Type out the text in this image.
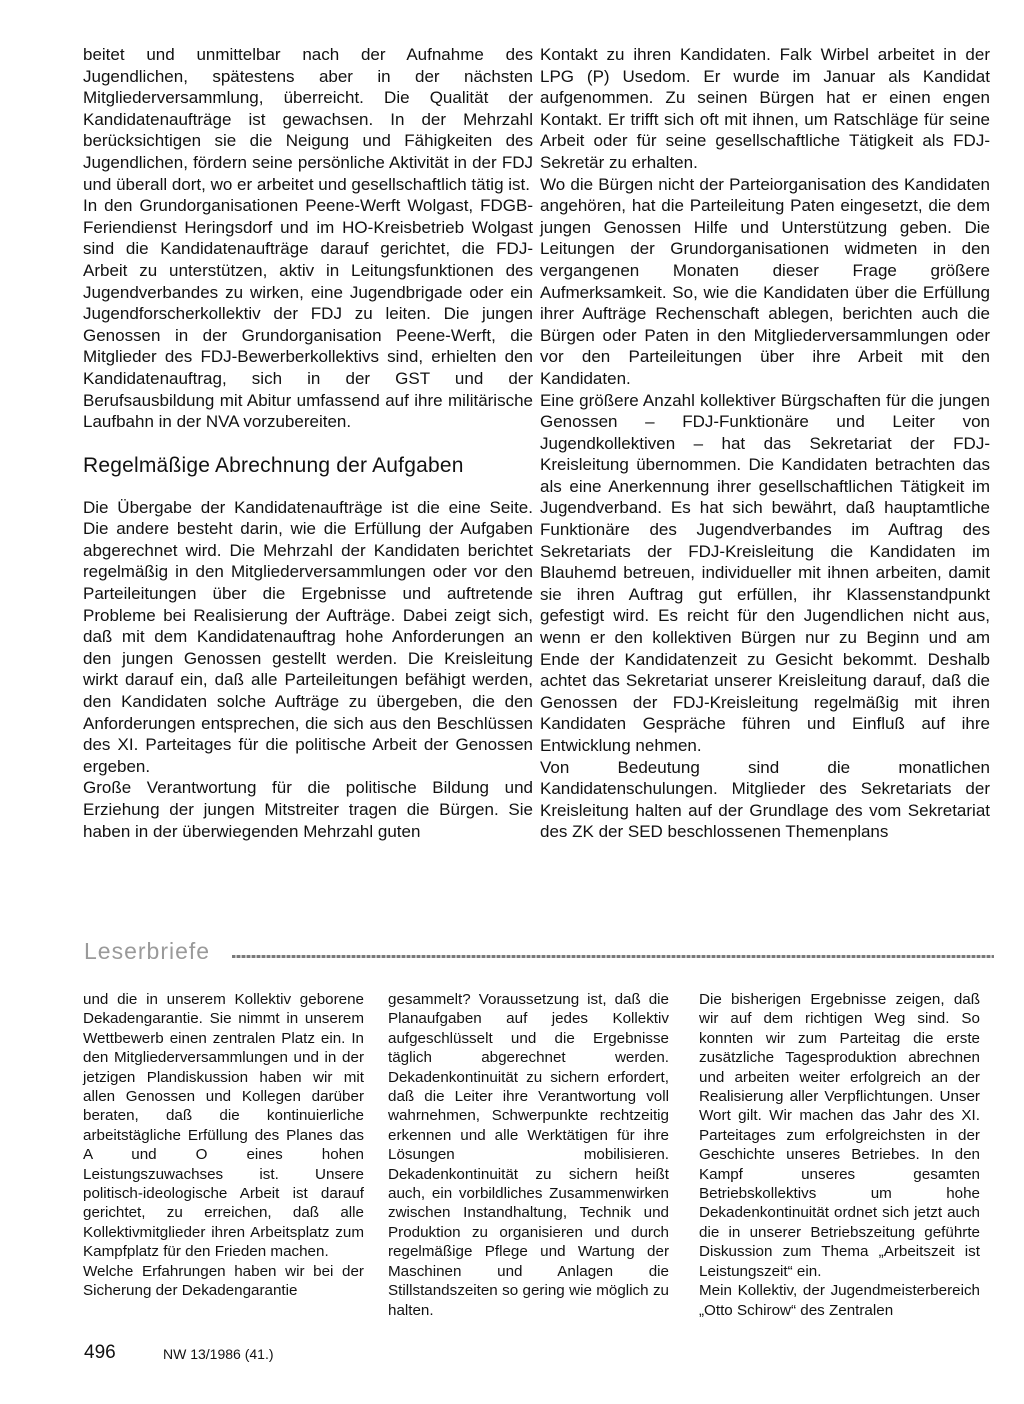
beitet und unmittelbar nach der Aufnahme des Jugendlichen, spätestens aber in der nächsten Mitgliederversammlung, überreicht. Die Qualität der Kandidatenaufträge ist gewachsen. In der Mehrzahl berücksichtigen sie die Neigung und Fähigkeiten des Jugendlichen, fördern seine persönliche Aktivität in der FDJ und überall dort, wo er arbeitet und gesellschaftlich tätig ist.

In den Grundorganisationen Peene-Werft Wolgast, FDGB-Feriendienst Heringsdorf und im HO-Kreisbetrieb Wolgast sind die Kandidatenaufträge darauf gerichtet, die FDJ-Arbeit zu unterstützen, aktiv in Leitungsfunktionen des Jugendverbandes zu wirken, eine Jugendbrigade oder ein Jugendforscherkollektiv der FDJ zu leiten. Die jungen Genossen in der Grundorganisation Peene-Werft, die Mitglieder des FDJ-Bewerberkollektivs sind, erhielten den Kandidatenauftrag, sich in der GST und der Berufsausbildung mit Abitur umfassend auf ihre militärische Laufbahn in der NVA vorzubereiten.

Regelmäßige Abrechnung der Aufgaben

Die Übergabe der Kandidatenaufträge ist die eine Seite. Die andere besteht darin, wie die Erfüllung der Aufgaben abgerechnet wird. Die Mehrzahl der Kandidaten berichtet regelmäßig in den Mitgliederversammlungen oder vor den Parteileitungen über die Ergebnisse und auftretende Probleme bei Realisierung der Aufträge. Dabei zeigt sich, daß mit dem Kandidatenauftrag hohe Anforderungen an den jungen Genossen gestellt werden. Die Kreisleitung wirkt darauf ein, daß alle Parteileitungen befähigt werden, den Kandidaten solche Aufträge zu übergeben, die den Anforderungen entsprechen, die sich aus den Beschlüssen des XI. Parteitages für die politische Arbeit der Genossen ergeben.

Große Verantwortung für die politische Bildung und Erziehung der jungen Mitstreiter tragen die Bürgen. Sie haben in der überwiegenden Mehrzahl guten

Kontakt zu ihren Kandidaten. Falk Wirbel arbeitet in der LPG (P) Usedom. Er wurde im Januar als Kandidat aufgenommen. Zu seinen Bürgen hat er einen engen Kontakt. Er trifft sich oft mit ihnen, um Ratschläge für seine Arbeit oder für seine gesellschaftliche Tätigkeit als FDJ-Sekretär zu erhalten.

Wo die Bürgen nicht der Parteiorganisation des Kandidaten angehören, hat die Parteileitung Paten eingesetzt, die dem jungen Genossen Hilfe und Unterstützung geben. Die Leitungen der Grundorganisationen widmeten in den vergangenen Monaten dieser Frage größere Aufmerksamkeit. So, wie die Kandidaten über die Erfüllung ihrer Aufträge Rechenschaft ablegen, berichten auch die Bürgen oder Paten in den Mitgliederversammlungen oder vor den Parteileitungen über ihre Arbeit mit den Kandidaten.

Eine größere Anzahl kollektiver Bürgschaften für die jungen Genossen – FDJ-Funktionäre und Leiter von Jugendkollektiven – hat das Sekretariat der FDJ-Kreisleitung übernommen. Die Kandidaten betrachten das als eine Anerkennung ihrer gesellschaftlichen Tätigkeit im Jugendverband. Es hat sich bewährt, daß hauptamtliche Funktionäre des Jugendverbandes im Auftrag des Sekretariats der FDJ-Kreisleitung die Kandidaten im Blauhemd betreuen, individueller mit ihnen arbeiten, damit sie ihren Auftrag gut erfüllen, ihr Klassenstandpunkt gefestigt wird. Es reicht für den Jugendlichen nicht aus, wenn er den kollektiven Bürgen nur zu Beginn und am Ende der Kandidatenzeit zu Gesicht bekommt. Deshalb achtet das Sekretariat unserer Kreisleitung darauf, daß die Genossen der FDJ-Kreisleitung regelmäßig mit ihren Kandidaten Gespräche führen und Einfluß auf ihre Entwicklung nehmen.

Von Bedeutung sind die monatlichen Kandidatenschulungen. Mitglieder des Sekretariats der Kreisleitung halten auf der Grundlage des vom Sekretariat des ZK der SED beschlossenen Themenplans

Leserbriefe

und die in unserem Kollektiv geborene Dekadengarantie. Sie nimmt in unserem Wettbewerb einen zentralen Platz ein. In den Mitgliederversammlungen und in der jetzigen Plandiskussion haben wir mit allen Genossen und Kollegen darüber beraten, daß die kontinuierliche arbeitstägliche Erfüllung des Planes das A und O eines hohen Leistungszuwachses ist. Unsere politisch-ideologische Arbeit ist darauf gerichtet, zu erreichen, daß alle Kollektivmitglieder ihren Arbeitsplatz zum Kampfplatz für den Frieden machen.

Welche Erfahrungen haben wir bei der Sicherung der Dekadengarantie

gesammelt? Voraussetzung ist, daß die Planaufgaben auf jedes Kollektiv aufgeschlüsselt und die Ergebnisse täglich abgerechnet werden. Dekadenkontinuität zu sichern erfordert, daß die Leiter ihre Verantwortung voll wahrnehmen, Schwerpunkte rechtzeitig erkennen und alle Werktätigen für ihre Lösungen mobilisieren. Dekadenkontinuität zu sichern heißt auch, ein vorbildliches Zusammenwirken zwischen Instandhaltung, Technik und Produktion zu organisieren und durch regelmäßige Pflege und Wartung der Maschinen und Anlagen die Stillstandszeiten so gering wie möglich zu halten.

Die bisherigen Ergebnisse zeigen, daß wir auf dem richtigen Weg sind. So konnten wir zum Parteitag die erste zusätzliche Tagesproduktion abrechnen und arbeiten weiter erfolgreich an der Realisierung aller Verpflichtungen. Unser Wort gilt. Wir machen das Jahr des XI. Parteitages zum erfolgreichsten in der Geschichte unseres Betriebes. In den Kampf unseres gesamten Betriebskollektivs um hohe Dekadenkontinuität ordnet sich jetzt auch die in unserer Betriebszeitung geführte Diskussion zum Thema „Arbeitszeit ist Leistungszeit“ ein.

Mein Kollektiv, der Jugendmeisterbereich „Otto Schirow“ des Zentralen

496	NW 13/1986 (41.)
